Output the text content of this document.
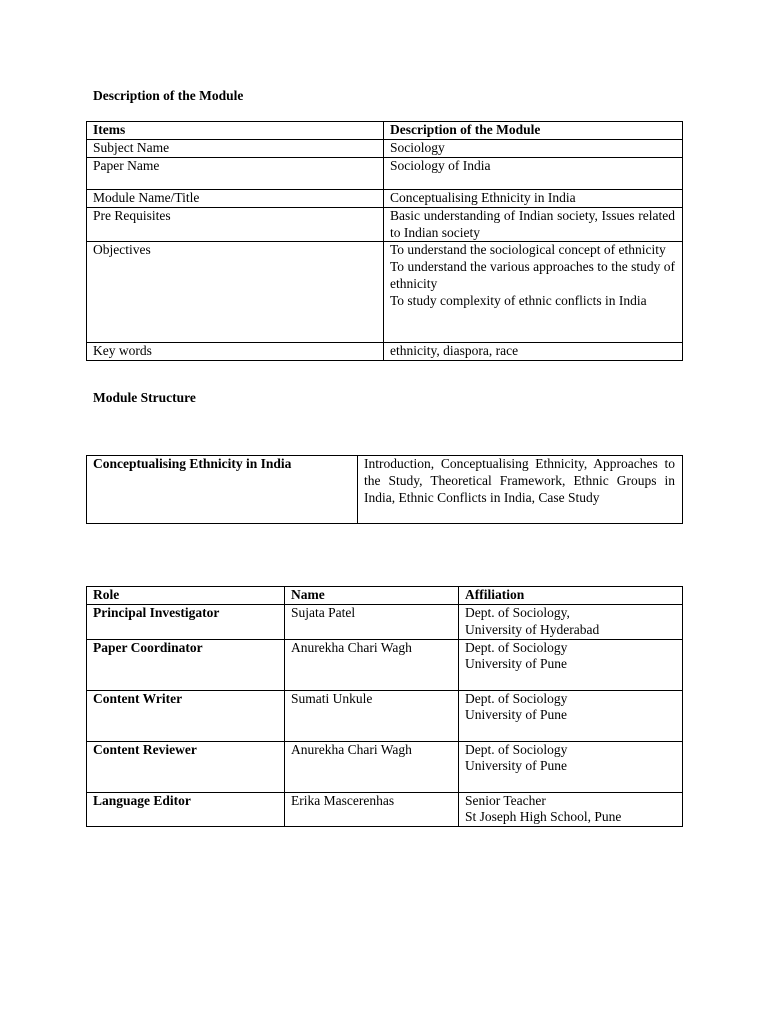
Description of the Module

Items	Description of the Module
Subject Name	Sociology
Paper Name	Sociology of India
Module Name/Title	Conceptualising Ethnicity in India
Pre Requisites	Basic understanding of Indian society, Issues related to Indian society
Objectives	To understand the sociological concept of ethnicity
To understand the various approaches to the study of ethnicity
To study complexity of ethnic conflicts in India

Key words	ethnicity, diaspora, race

Module Structure

Conceptualising Ethnicity in India	Introduction, Conceptualising Ethnicity, Approaches to the Study, Theoretical Framework, Ethnic Groups in India, Ethnic Conflicts in India, Case Study
Role	Name	Affiliation
Principal Investigator	Sujata Patel	Dept. of Sociology,
University of Hyderabad

Paper Coordinator	Anurekha Chari Wagh	Dept. of Sociology
University of Pune

Content Writer	Sumati Unkule	Dept. of Sociology
University of Pune

Content Reviewer	Anurekha Chari Wagh	Dept. of Sociology
University of Pune

Language Editor	Erika Mascerenhas	Senior Teacher
St Joseph High School, Pune
